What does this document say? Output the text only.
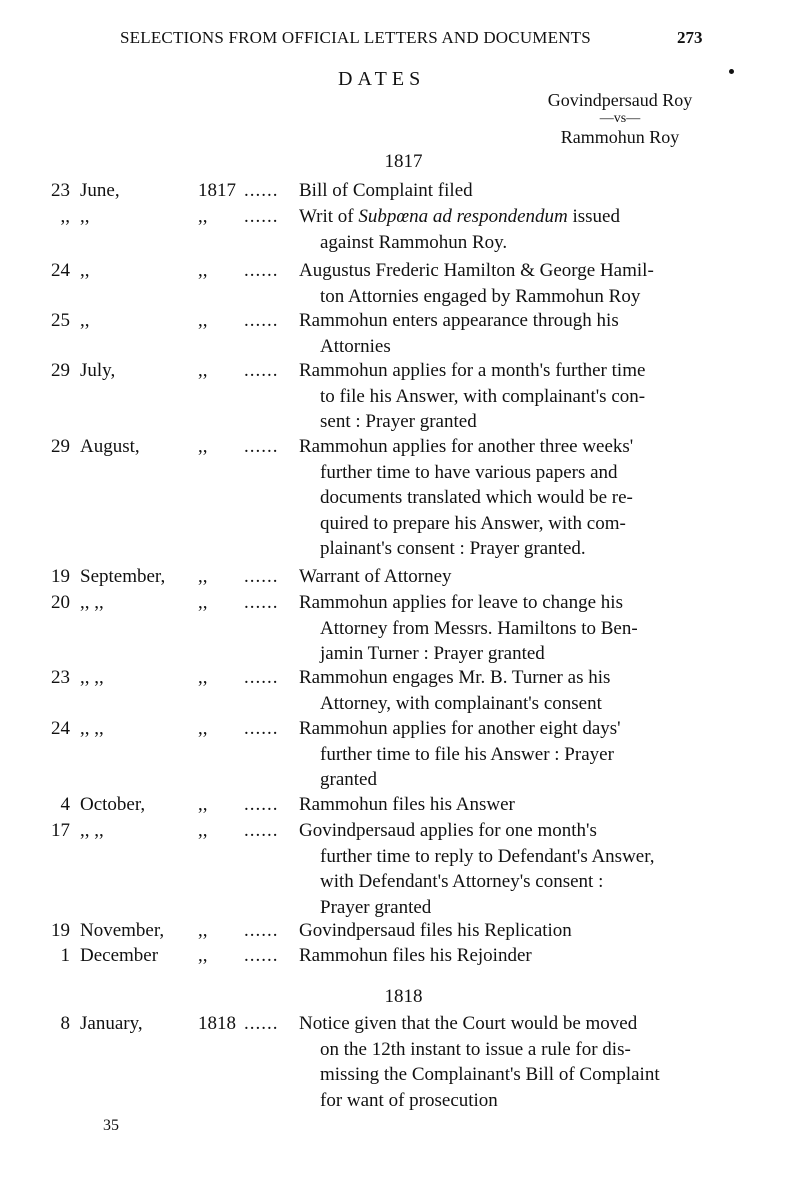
SELECTIONS FROM OFFICIAL LETTERS AND DOCUMENTS	273
DATES
Govindpersaud Roy
—vs—
Rammohun Roy
1817
1818
23 June,	1817 ...... Bill of Complaint filed
,, ,,	,, ...... Writ of Subpœna ad respondendum issued
against Rammohun Roy.
24 ,,	,, ...... Augustus Frederic Hamilton & George Hamil-
ton Attornies engaged by Rammohun Roy
25 ,,	,, ...... Rammohun enters appearance through his
Attornies
29 July,	,, ...... Rammohun applies for a month's further time
to file his Answer, with complainant's con-
sent : Prayer granted
29 August,	,, ...... Rammohun applies for another three weeks'
further time to have various papers and
documents translated which would be re-
quired to prepare his Answer, with com-
plainant's consent : Prayer granted.
19 September, ,, ...... Warrant of Attorney
20 ,, ,,	,, ...... Rammohun applies for leave to change his
Attorney from Messrs. Hamiltons to Ben-
jamin Turner : Prayer granted
23 ,, ,,	,, ...... Rammohun engages Mr. B. Turner as his
Attorney, with complainant's consent
24 ,, ,,	,, ...... Rammohun applies for another eight days'
further time to file his Answer : Prayer
granted
4 October,	,, ...... Rammohun files his Answer
17 ,, ,,	,, ...... Govindpersaud applies for one month's
further time to reply to Defendant's Answer,
with Defendant's Attorney's consent :
Prayer granted
19 November, ,, ...... Govindpersaud files his Replication
1 December ,, ...... Rammohun files his Rejoinder
8 January,	1818 ...... Notice given that the Court would be moved
on the 12th instant to issue a rule for dis-
missing the Complainant's Bill of Complaint
for want of prosecution
35
